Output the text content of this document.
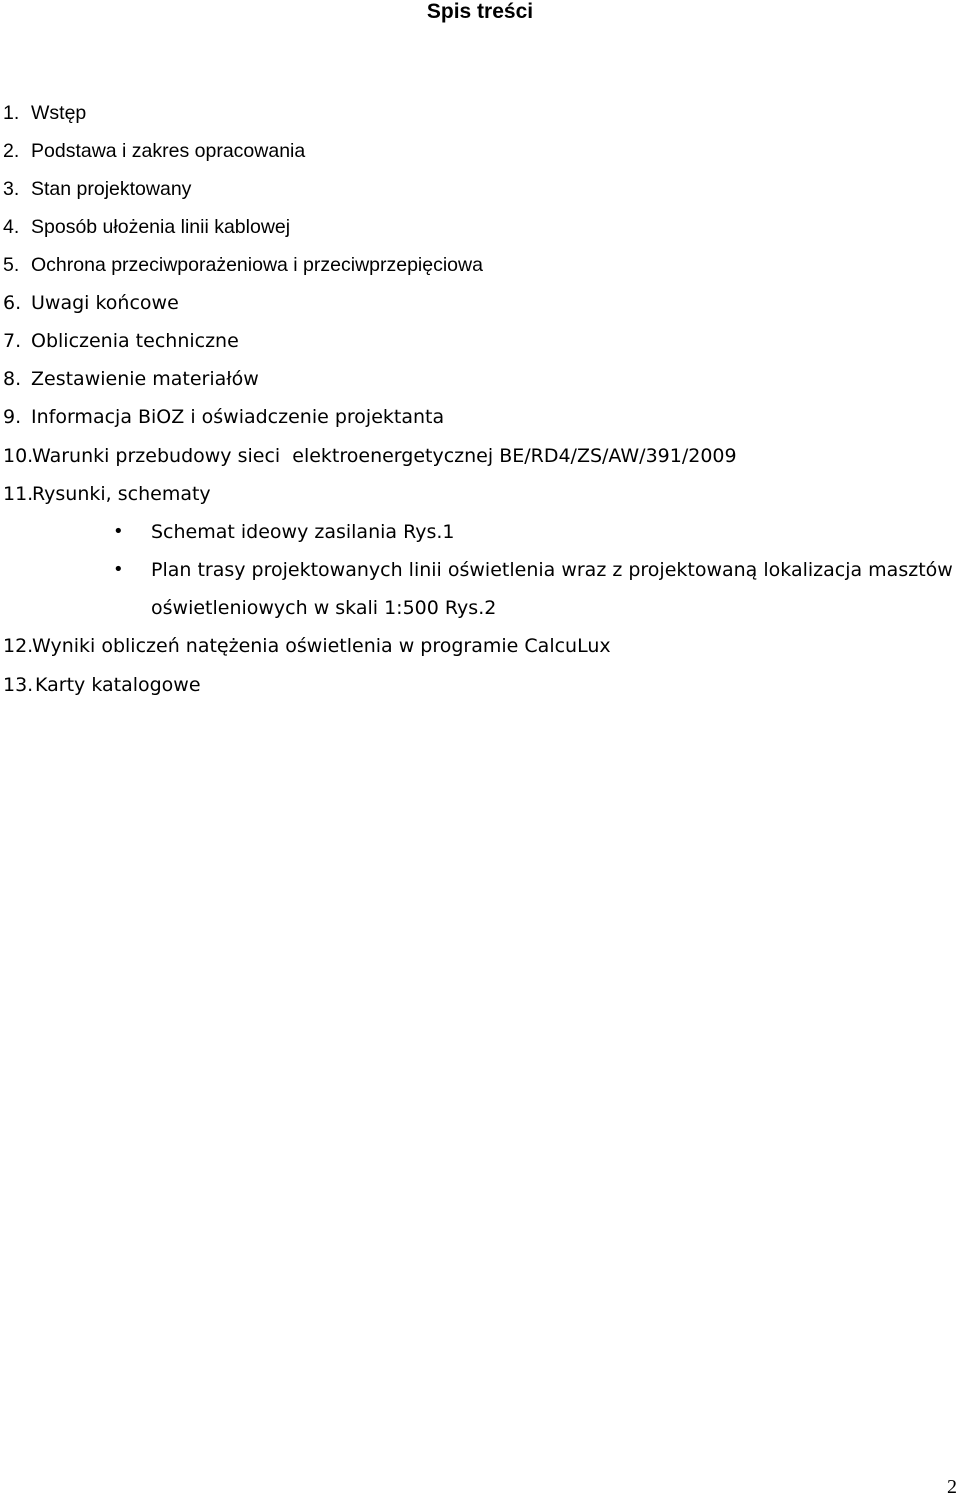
Spis treści
1. Wstęp
2. Podstawa i zakres opracowania
3. Stan projektowany
4. Sposób ułożenia linii kablowej
5. Ochrona przeciwporażeniowa i przeciwprzepięciowa
6. Uwagi końcowe
7. Obliczenia techniczne
8. Zestawienie materiałów
9. Informacja BiOZ i oświadczenie projektanta
10.Warunki przebudowy sieci  elektroenergetycznej BE/RD4/ZS/AW/391/2009
11.Rysunki, schematy
• Schemat ideowy zasilania Rys.1
• Plan trasy projektowanych linii oświetlenia wraz z projektowaną lokalizacja masztów
oświetleniowych w skali 1:500 Rys.2
12.Wyniki obliczeń natężenia oświetlenia w programie CalcuLux
13.Karty katalogowe
2
